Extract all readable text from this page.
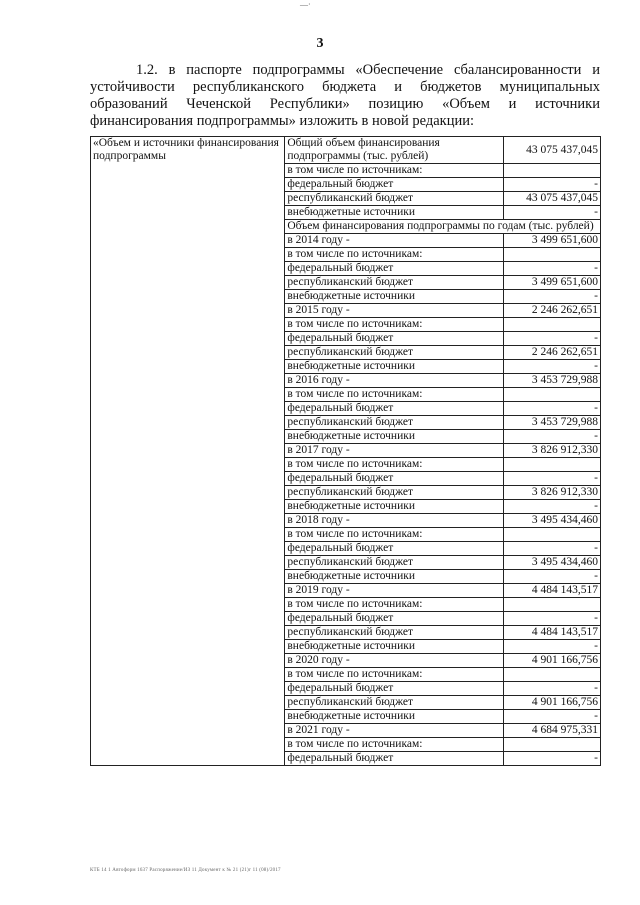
‒‒·
3
1.2. в паспорте подпрограммы «Обеспечение сбалансированности и устойчивости республиканского бюджета и бюджетов муниципальных образований Чеченской Республики» позицию «Объем и источники финансирования подпрограммы» изложить в новой редакции:
«Объем и источники финансирования подпрограммы	Общий объем финансирования подпрограммы (тыс. рублей)	43 075 437,045
	в том числе по источникам:	
	федеральный бюджет	-
	республиканский бюджет	43 075 437,045
	внебюджетные источники	-
	Объем финансирования подпрограммы по годам (тыс. рублей)	
	в 2014 году -	3 499 651,600
	в том числе по источникам:	
	федеральный бюджет	-
	республиканский бюджет	3 499 651,600
	внебюджетные источники	-
	в 2015 году -	2 246 262,651
	в том числе по источникам:	
	федеральный бюджет	-
	республиканский бюджет	2 246 262,651
	внебюджетные источники	-
	в 2016 году -	3 453 729,988
	в том числе по источникам:	
	федеральный бюджет	-
	республиканский бюджет	3 453 729,988
	внебюджетные источники	-
	в 2017 году -	3 826 912,330
	в том числе по источникам:	
	федеральный бюджет	-
	республиканский бюджет	3 826 912,330
	внебюджетные источники	-
	в 2018 году -	3 495 434,460
	в том числе по источникам:	
	федеральный бюджет	-
	республиканский бюджет	3 495 434,460
	внебюджетные источники	-
	в 2019 году -	4 484 143,517
	в том числе по источникам:	
	федеральный бюджет	-
	республиканский бюджет	4 484 143,517
	внебюджетные источники	-
	в 2020 году -	4 901 166,756
	в том числе по источникам:	
	федеральный бюджет	-
	республиканский бюджет	4 901 166,756
	внебюджетные источники	-
	в 2021 году -	4 684 975,331
	в том числе по источникам:	
	федеральный бюджет	-
КТБ 14 1 Автоформ 1637 Распоряжение/ИЗ 11 Документ к № 21 (21)г 11 (08)/2017
